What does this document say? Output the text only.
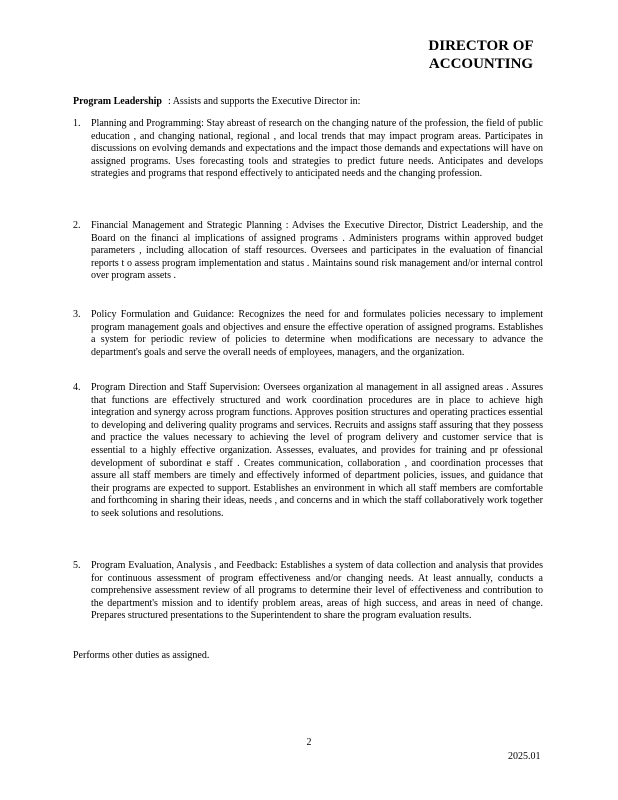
DIRECTOR OF
ACCOUNTING
Program Leadership : Assists and supports the Executive Director in:
1.	Planning and Programming: Stay abreast of research on the changing nature of the profession, the field of public education , and changing national, regional , and local trends that may impact program areas. Participates in discussions on evolving demands and expectations and the impact those demands and expectations will have on assigned programs. Uses forecasting tools and strategies to predict future needs. Anticipates and develops strategies and programs that respond effectively to anticipated needs and the changing profession.
2.	Financial Management and Strategic Planning : Advises the Executive Director, District Leadership, and the Board on the financi al implications of assigned programs . Administers programs within approved budget parameters , including allocation of staff resources. Oversees and participates in the evaluation of financial reports t o assess program implementation and status . Maintains sound risk management and/or internal control over program assets .
3.	Policy Formulation and Guidance: Recognizes the need for and formulates policies necessary to implement program management goals and objectives and ensure the effective operation of assigned programs. Establishes a system for periodic review of policies to determine when modifications are necessary to advance the department's goals and serve the overall needs of employees, managers, and the organization.
4.	Program Direction and Staff Supervision: Oversees organization al management in all assigned areas . Assures that functions are effectively structured and work coordination procedures are in place to achieve high integration and synergy across program functions. Approves position structures and operating practices essential to developing and delivering quality programs and services. Recruits and assigns staff assuring that they possess and practice the values necessary to achieving the level of program delivery and customer service that is essential to a highly effective organization. Assesses, evaluates, and provides for training and pr ofessional development of subordinat e staff . Creates communication, collaboration , and coordination processes that assure all staff members are timely and effectively informed of department policies, issues, and guidance that their programs are expected to support. Establishes an environment in which all staff members are comfortable and forthcoming in sharing their ideas, needs , and concerns and in which the staff collaboratively work together to seek solutions and resolutions.
5.	Program Evaluation, Analysis , and Feedback: Establishes a system of data collection and analysis that provides for continuous assessment of program effectiveness and/or changing needs. At least annually, conducts a comprehensive assessment review of all programs to determine their level of effectiveness and contribution to the department's mission and to identify problem areas, areas of high success, and areas in need of change. Prepares structured presentations to the Superintendent to share the program evaluation results.
Performs other duties as assigned.
2
2025.01
